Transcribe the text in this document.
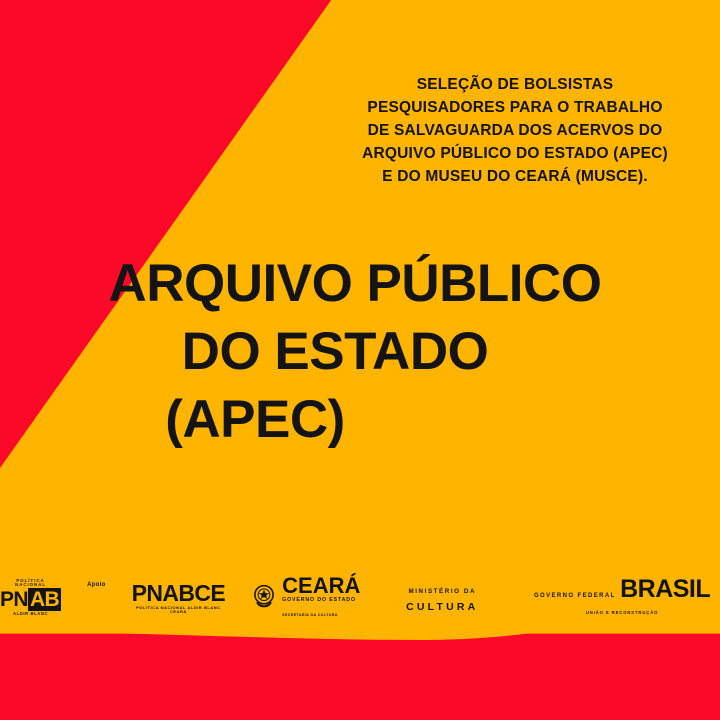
SELEÇÃO DE BOLSISTAS
PESQUISADORES PARA O TRABALHO
DE SALVAGUARDA DOS ACERVOS DO
ARQUIVO PÚBLICO DO ESTADO (APEC)
E DO MUSEU DO CEARÁ (MUSCE).
ARQUIVO PÚBLICO
DO ESTADO
(APEC)
POLÍTICA NACIONAL
PNAB
ALDIR BLANC
Apoio PNABCE
POLÍTICA NACIONAL ALDIR BLANC CEARÁ
CEARÁ
GOVERNO DO ESTADO
SECRETARIA DA CULTURA
MINISTÉRIO DA CULTURA
GOVERNO FEDERAL BRASIL UNIÃO E RECONSTRUÇÃO
